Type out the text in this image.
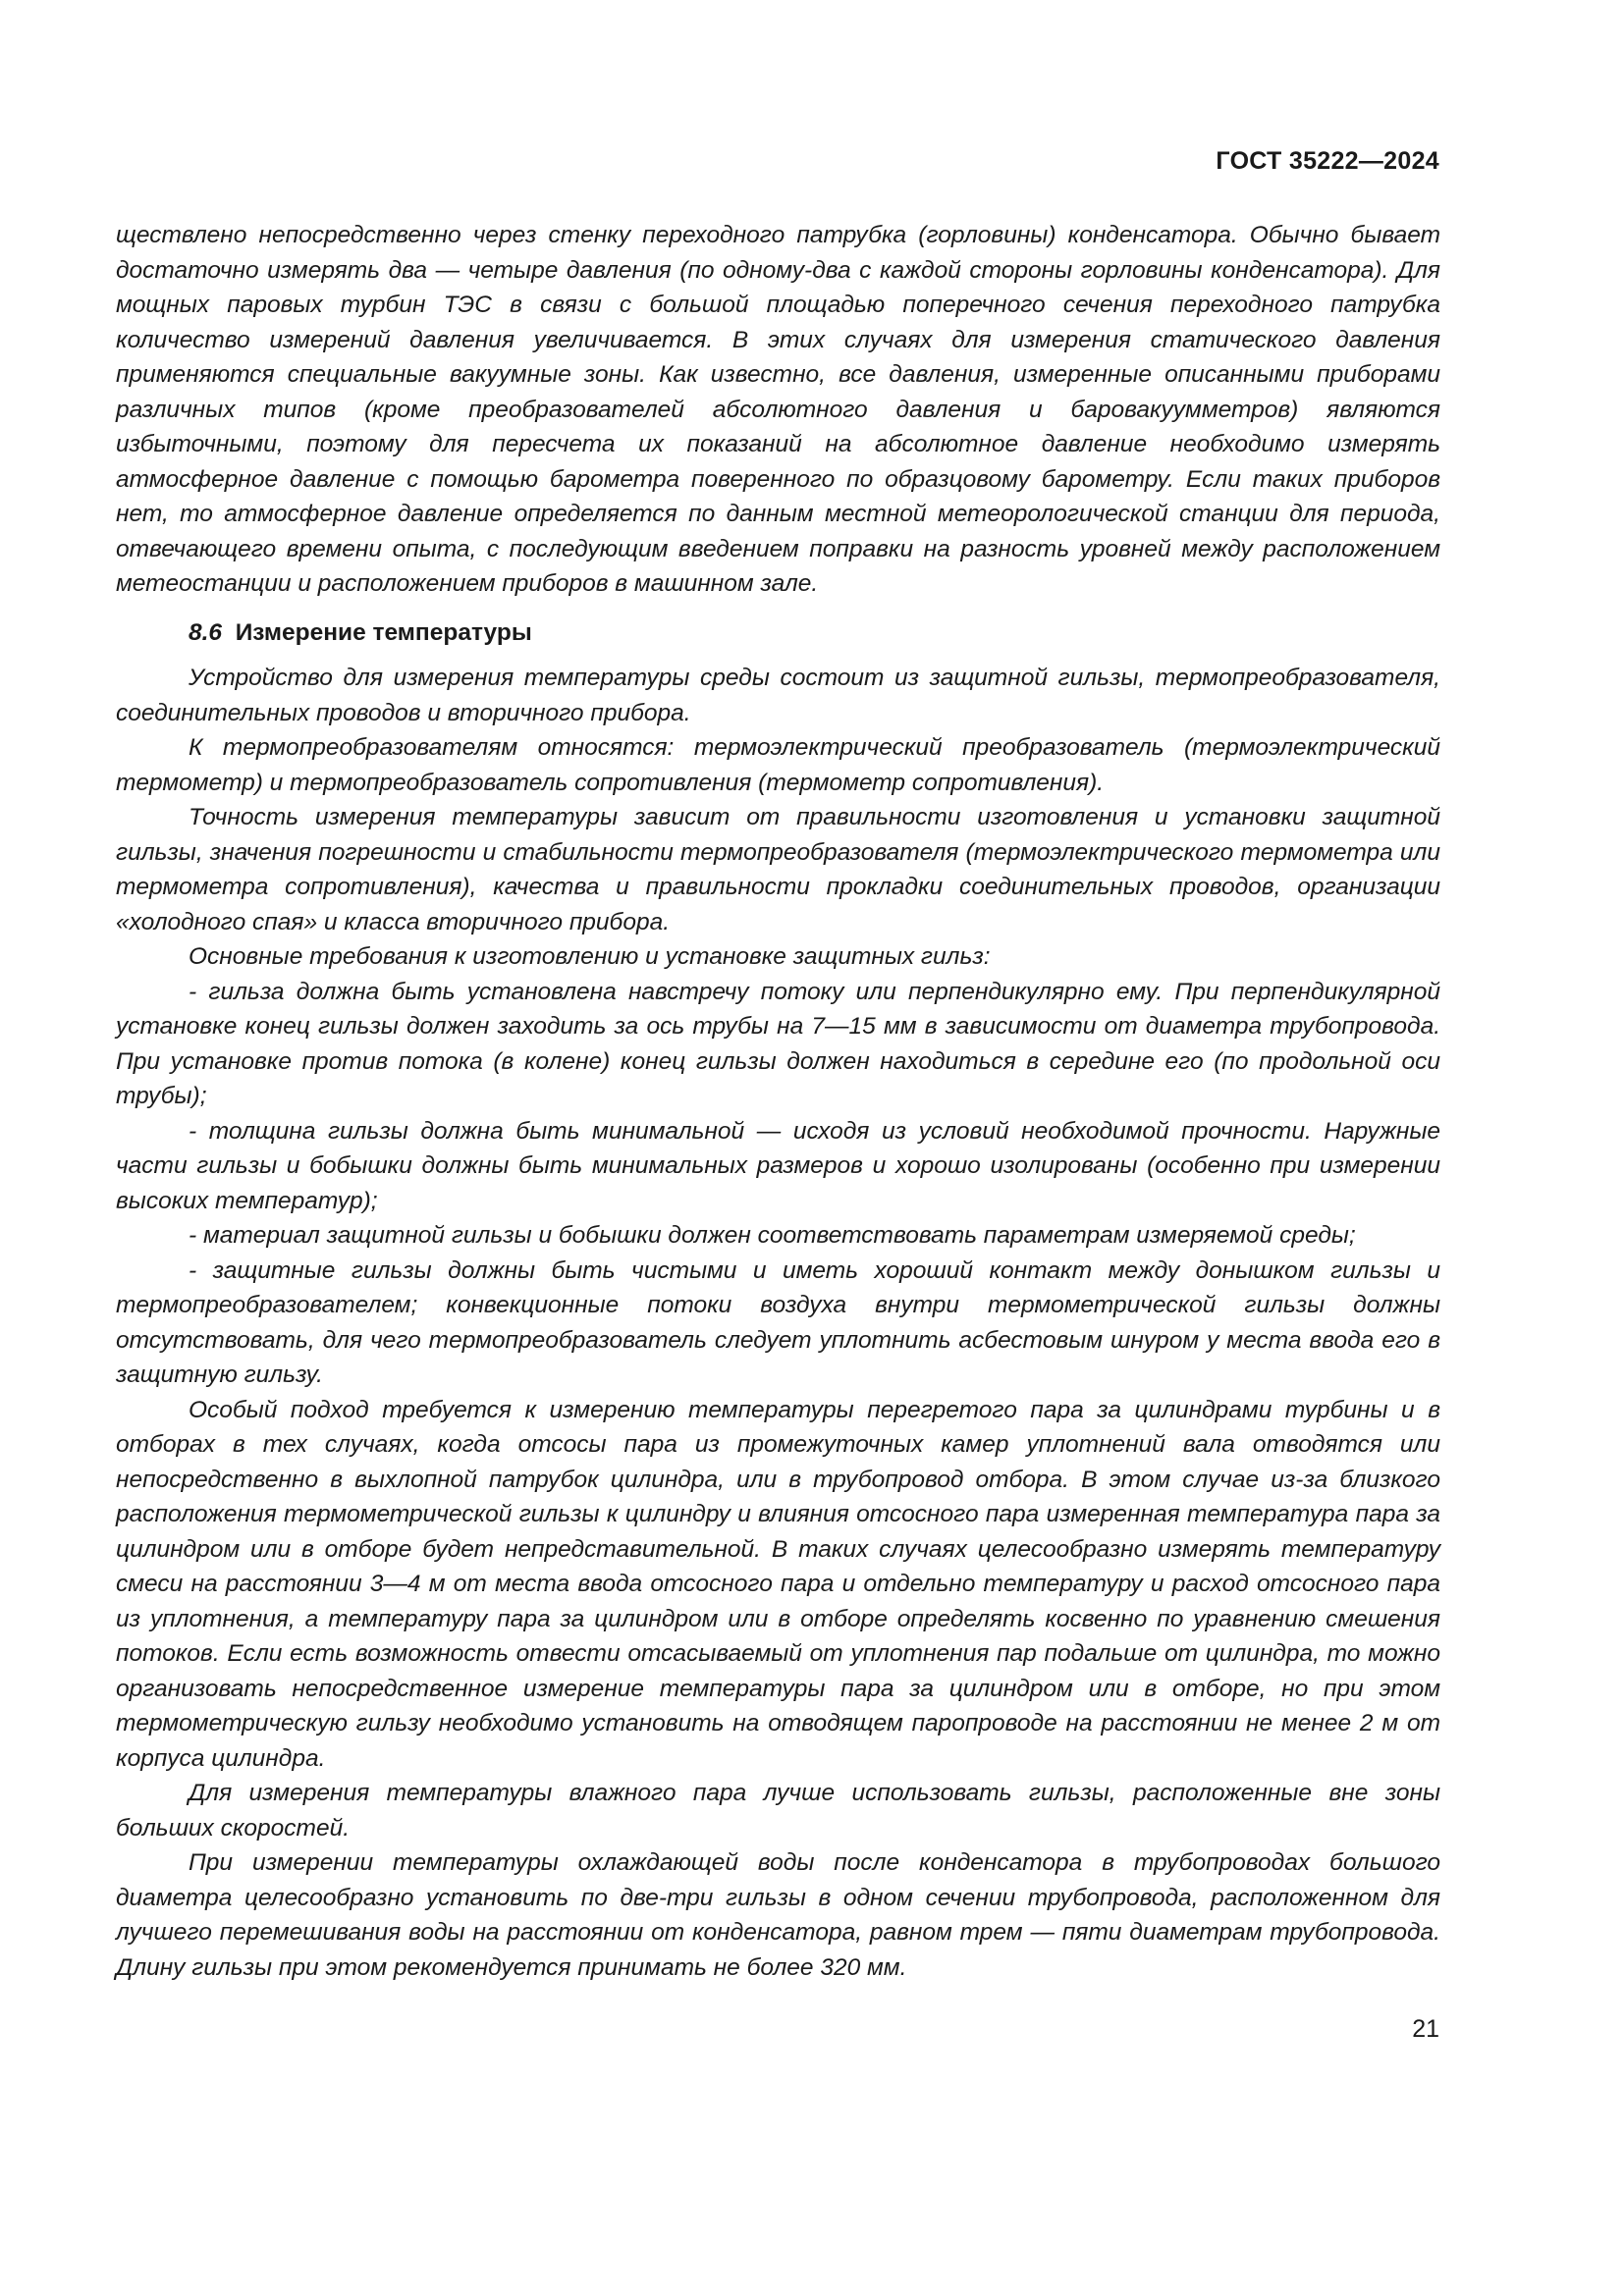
ГОСТ 35222—2024

ществлено непосредственно через стенку переходного патрубка (горловины) конденсатора. Обычно бывает достаточно измерять два — четыре давления (по одному-два с каждой стороны горловины конденсатора). Для мощных паровых турбин ТЭС в связи с большой площадью поперечного сечения переходного патрубка количество измерений давления увеличивается. В этих случаях для измерения статического давления применяются специальные вакуумные зоны. Как известно, все давления, измеренные описанными приборами различных типов (кроме преобразователей абсолютного давления и баровакуумметров) являются избыточными, поэтому для пересчета их показаний на абсолютное давление необходимо измерять атмосферное давление с помощью барометра поверенного по образцовому барометру. Если таких приборов нет, то атмосферное давление определяется по данным местной метеорологической станции для периода, отвечающего времени опыта, с последующим введением поправки на разность уровней между расположением метеостанции и расположением приборов в машинном зале.

8.6 Измерение температуры

Устройство для измерения температуры среды состоит из защитной гильзы, термопреобразователя, соединительных проводов и вторичного прибора.

К термопреобразователям относятся: термоэлектрический преобразователь (термоэлектрический термометр) и термопреобразователь сопротивления (термометр сопротивления).

Точность измерения температуры зависит от правильности изготовления и установки защитной гильзы, значения погрешности и стабильности термопреобразователя (термоэлектрического термометра или термометра сопротивления), качества и правильности прокладки соединительных проводов, организации «холодного спая» и класса вторичного прибора.

Основные требования к изготовлению и установке защитных гильз:

- гильза должна быть установлена навстречу потоку или перпендикулярно ему. При перпендикулярной установке конец гильзы должен заходить за ось трубы на 7—15 мм в зависимости от диаметра трубопровода. При установке против потока (в колене) конец гильзы должен находиться в середине его (по продольной оси трубы);

- толщина гильзы должна быть минимальной — исходя из условий необходимой прочности. Наружные части гильзы и бобышки должны быть минимальных размеров и хорошо изолированы (особенно при измерении высоких температур);

- материал защитной гильзы и бобышки должен соответствовать параметрам измеряемой среды;

- защитные гильзы должны быть чистыми и иметь хороший контакт между донышком гильзы и термопреобразователем; конвекционные потоки воздуха внутри термометрической гильзы должны отсутствовать, для чего термопреобразователь следует уплотнить асбестовым шнуром у места ввода его в защитную гильзу.

Особый подход требуется к измерению температуры перегретого пара за цилиндрами турбины и в отборах в тех случаях, когда отсосы пара из промежуточных камер уплотнений вала отводятся или непосредственно в выхлопной патрубок цилиндра, или в трубопровод отбора. В этом случае из-за близкого расположения термометрической гильзы к цилиндру и влияния отсосного пара измеренная температура пара за цилиндром или в отборе будет непредставительной. В таких случаях целесообразно измерять температуру смеси на расстоянии 3—4 м от места ввода отсосного пара и отдельно температуру и расход отсосного пара из уплотнения, а температуру пара за цилиндром или в отборе определять косвенно по уравнению смешения потоков. Если есть возможность отвести отсасываемый от уплотнения пар подальше от цилиндра, то можно организовать непосредственное измерение температуры пара за цилиндром или в отборе, но при этом термометрическую гильзу необходимо установить на отводящем паропроводе на расстоянии не менее 2 м от корпуса цилиндра.

Для измерения температуры влажного пара лучше использовать гильзы, расположенные вне зоны больших скоростей.

При измерении температуры охлаждающей воды после конденсатора в трубопроводах большого диаметра целесообразно установить по две-три гильзы в одном сечении трубопровода, расположенном для лучшего перемешивания воды на расстоянии от конденсатора, равном трем — пяти диаметрам трубопровода. Длину гильзы при этом рекомендуется принимать не более 320 мм.

21
